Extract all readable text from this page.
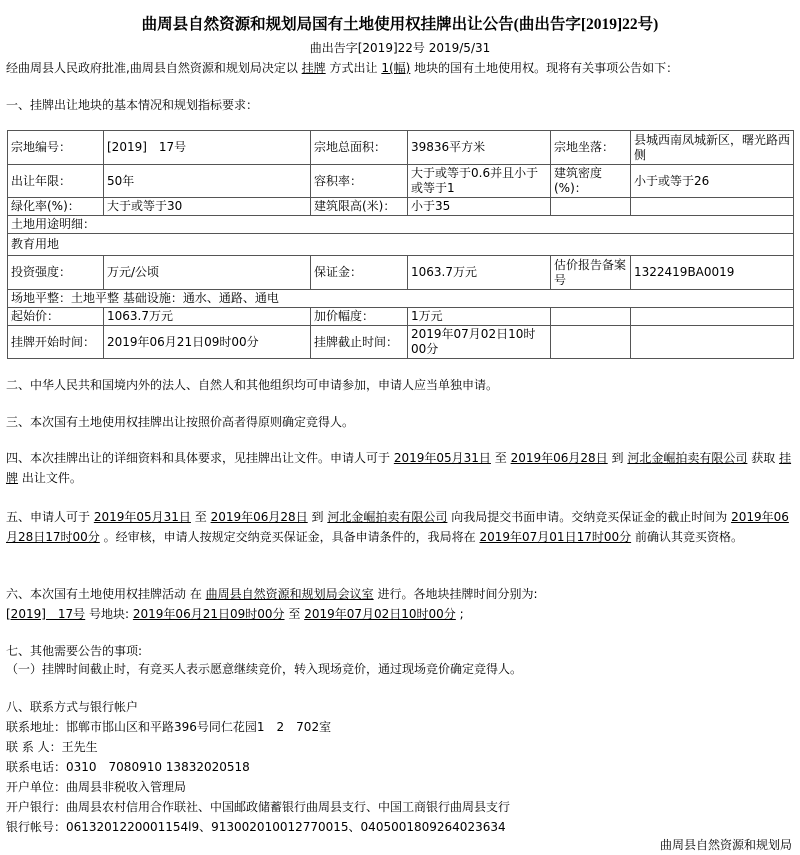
曲周县自然资源和规划局国有土地使用权挂牌出让公告(曲出告字[2019]22号)
曲出告字[2019]22号 2019/5/31
经曲周县人民政府批准,曲周县自然资源和规划局决定以 挂牌 方式出让 1(幅) 地块的国有土地使用权。现将有关事项公告如下：
一、挂牌出让地块的基本情况和规划指标要求：
宗地编号：	[2019]　17号	宗地总面积：	39836平方米	宗地坐落：	县城西南凤城新区，曙光路西侧
出让年限：	50年	容积率：	大于或等于0.6并且小于或等于1	建筑密度(%)：	小于或等于26
绿化率(%)：	大于或等于30	建筑限高(米)：	小于35		
土地用途明细：					
教育用地					
投资强度：	万元/公顷	保证金：	1063.7万元	估价报告备案号	1322419BA0019
场地平整：土地平整 基础设施：通水、通路、通电					
起始价：	1063.7万元	加价幅度：	1万元		
挂牌开始时间：	2019年06月21日09时00分	挂牌截止时间：	2019年07月02日10时00分		
二、中华人民共和国境内外的法人、自然人和其他组织均可申请参加，申请人应当单独申请。
三、本次国有土地使用权挂牌出让按照价高者得原则确定竞得人。
四、本次挂牌出让的详细资料和具体要求，见挂牌出让文件。申请人可于 2019年05月31日 至 2019年06月28日 到 河北金崛拍卖有限公司 获取 挂牌 出让文件。
五、申请人可于 2019年05月31日 至 2019年06月28日 到 河北金崛拍卖有限公司 向我局提交书面申请。交纳竞买保证金的截止时间为 2019年06月28日17时00分 。经审核，申请人按规定交纳竞买保证金，具备申请条件的，我局将在 2019年07月01日17时00分 前确认其竞买资格。
六、本次国有土地使用权挂牌活动 在 曲周县自然资源和规划局会议室 进行。各地块挂牌时间分别为:
[2019]　17号 号地块: 2019年06月21日09时00分 至 2019年07月02日10时00分 ;
七、其他需要公告的事项:
（一）挂牌时间截止时，有竞买人表示愿意继续竞价，转入现场竞价，通过现场竞价确定竞得人。
八、联系方式与银行帐户
联系地址：邯郸市邯山区和平路396号同仁花园1　2　702室
联 系 人：王先生
联系电话：0310　7080910 13832020518
开户单位：曲周县非税收入管理局
开户银行：曲周县农村信用合作联社、中国邮政储蓄银行曲周县支行、中国工商银行曲周县支行
银行帐号：0613201220001154l9、913002010012770015、0405001809264023634
曲周县自然资源和规划局
